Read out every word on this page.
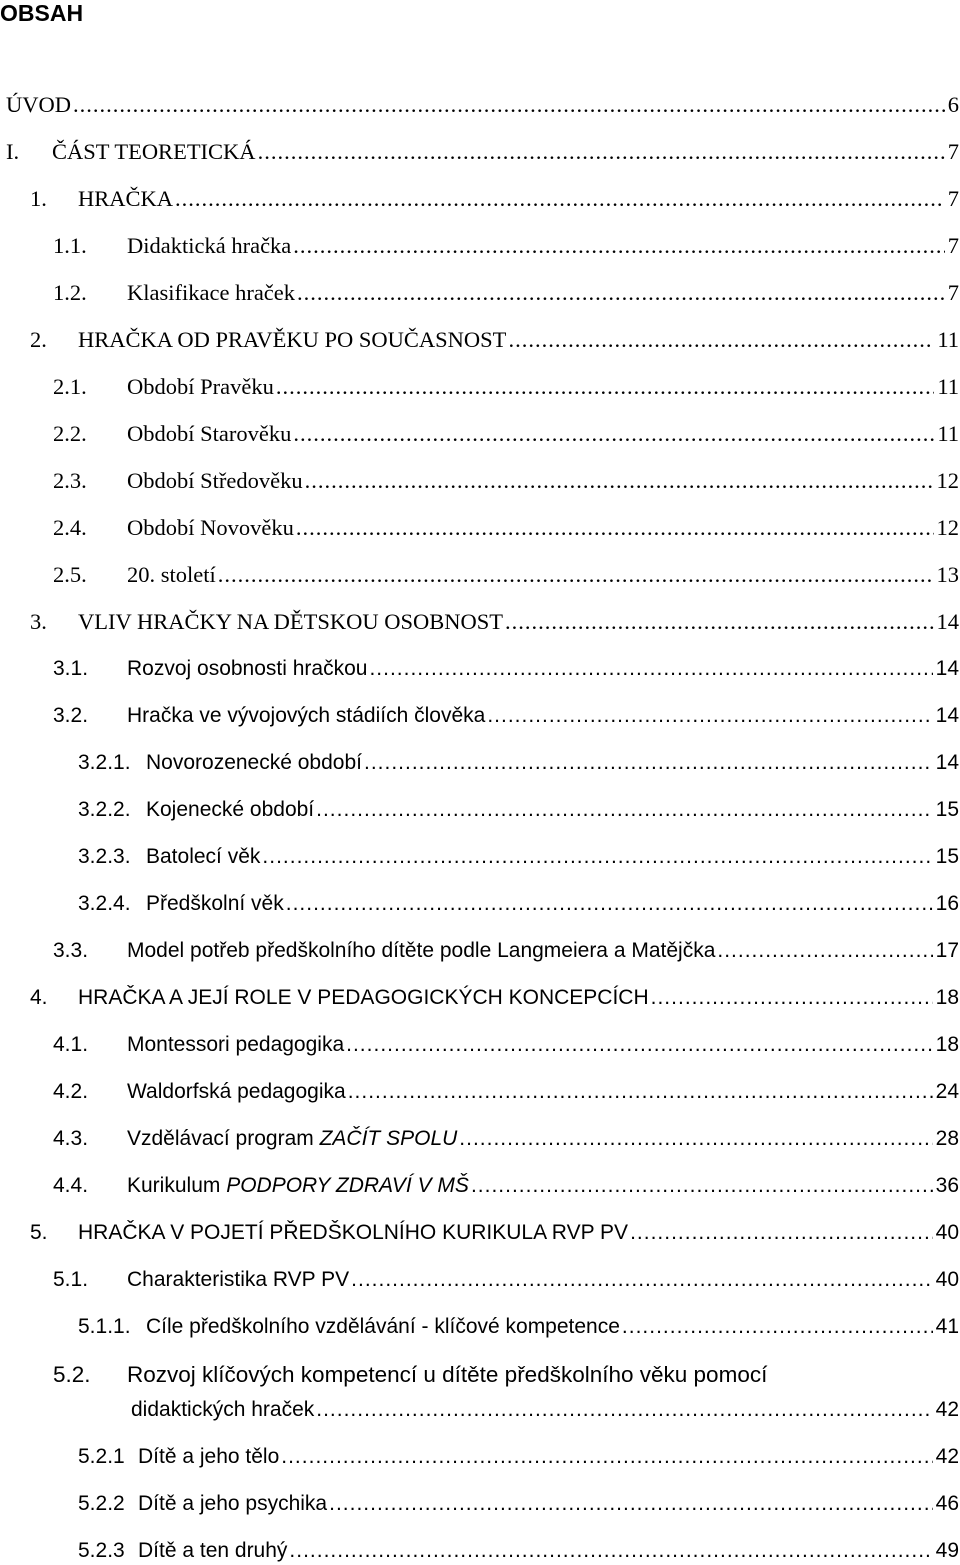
OBSAH
ÚVOD .....	6
I. ČÁST TEORETICKÁ .....	7
1. HRAČKA .....	7
1.1. Didaktická hračka .....	7
1.2. Klasifikace hraček .....	7
2. HRAČKA OD PRAVĚKU PO SOUČASNOST .....	11
2.1. Období Pravěku .....	11
2.2. Období Starověku .....	11
2.3. Období Středověku .....	12
2.4. Období Novověku .....	12
2.5. 20. století .....	13
3. VLIV HRAČKY NA DĚTSKOU OSOBNOST .....	14
3.1. Rozvoj osobnosti hračkou .....	14
3.2. Hračka ve vývojových stádiích člověka .....	14
3.2.1. Novorozenecké období .....	14
3.2.2. Kojenecké období .....	15
3.2.3. Batolecí věk .....	15
3.2.4. Předškolní věk .....	16
3.3. Model potřeb předškolního dítěte podle Langmeiera a Matějčka .....	17
4. HRAČKA A JEJÍ ROLE V PEDAGOGICKÝCH KONCEPCÍCH .....	18
4.1. Montessori pedagogika .....	18
4.2. Waldorfská pedagogika .....	24
4.3. Vzdělávací program ZAČÍT SPOLU .....	28
4.4. Kurikulum PODPORY ZDRAVÍ V MŠ .....	36
5. HRAČKA V POJETÍ PŘEDŠKOLNÍHO KURIKULA RVP PV .....	40
5.1. Charakteristika RVP PV .....	40
5.1.1. Cíle předškolního vzdělávání - klíčové kompetence .....	41
5.2. Rozvoj klíčových kompetencí u dítěte předškolního věku pomocí
didaktických hraček .....	42
5.2.1 Dítě a jeho tělo .....	42
5.2.2 Dítě a jeho psychika .....	46
5.2.3 Dítě a ten druhý .....	49
